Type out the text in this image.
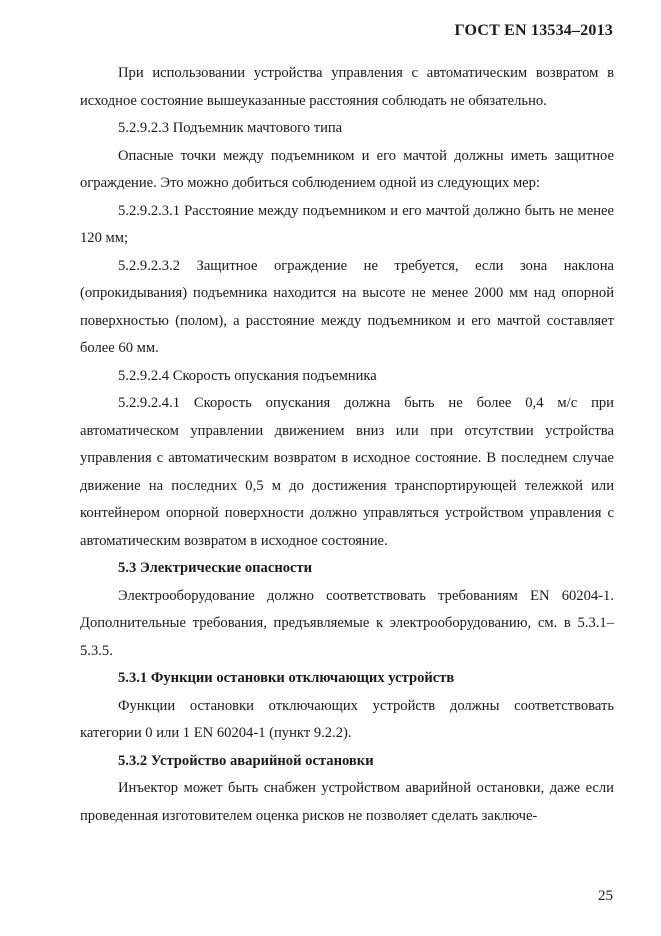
ГОСТ EN 13534–2013

При использовании устройства управления с автоматическим возвратом в исходное состояние вышеуказанные расстояния соблюдать не обязательно.

5.2.9.2.3 Подъемник мачтового типа

Опасные точки между подъемником и его мачтой должны иметь защитное ограждение. Это можно добиться соблюдением одной из следующих мер:

5.2.9.2.3.1 Расстояние между подъемником и его мачтой должно быть не менее 120 мм;

5.2.9.2.3.2 Защитное ограждение не требуется, если зона наклона (опрокидывания) подъемника находится на высоте не менее 2000 мм над опорной поверхностью (полом), а расстояние между подъемником и его мачтой составляет более 60 мм.

5.2.9.2.4 Скорость опускания подъемника

5.2.9.2.4.1 Скорость опускания должна быть не более 0,4 м/с при автоматическом управлении движением вниз или при отсутствии устройства управления с автоматическим возвратом в исходное состояние. В последнем случае движение на последних 0,5 м до достижения транспортирующей тележкой или контейнером опорной поверхности должно управляться устройством управления с автоматическим возвратом в исходное состояние.

5.3 Электрические опасности

Электрооборудование должно соответствовать требованиям EN 60204-1. Дополнительные требования, предъявляемые к электрооборудованию, см. в 5.3.1–5.3.5.

5.3.1 Функции остановки отключающих устройств

Функции остановки отключающих устройств должны соответствовать категории 0 или 1 EN 60204-1 (пункт 9.2.2).

5.3.2 Устройство аварийной остановки

Инъектор может быть снабжен устройством аварийной остановки, даже если проведенная изготовителем оценка рисков не позволяет сделать заключе-

25
